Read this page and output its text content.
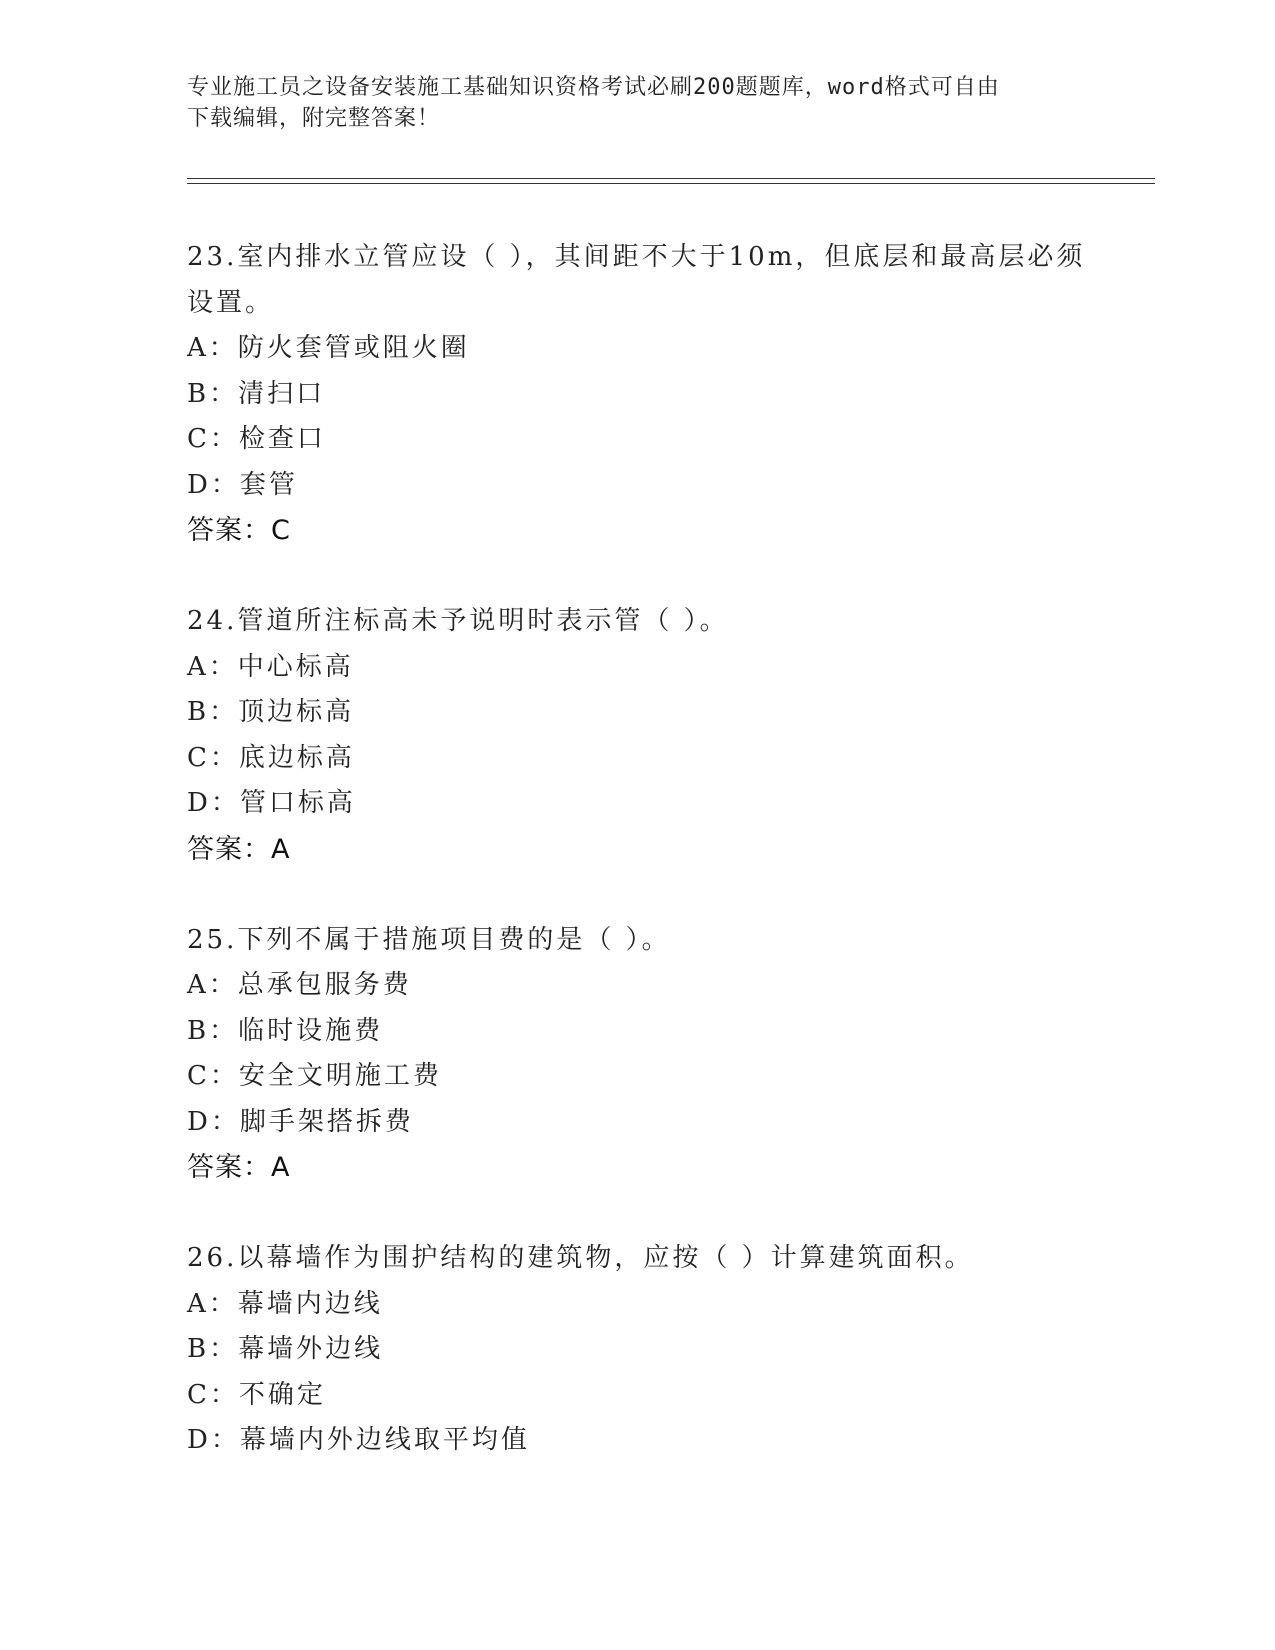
专业施工员之设备安装施工基础知识资格考试必刷200题题库，word格式可自由
下载编辑，附完整答案！
23.室内排水立管应设（ ），其间距不大于10m，但底层和最高层必须
设置。
A：防火套管或阻火圈
B：清扫口
C：检查口
D：套管
答案：C
24.管道所注标高未予说明时表示管（ ）。
A：中心标高
B：顶边标高
C：底边标高
D：管口标高
答案：A
25.下列不属于措施项目费的是（ ）。
A：总承包服务费
B：临时设施费
C：安全文明施工费
D：脚手架搭拆费
答案：A
26.以幕墙作为围护结构的建筑物，应按（ ）计算建筑面积。
A：幕墙内边线
B：幕墙外边线
C：不确定
D：幕墙内外边线取平均值
